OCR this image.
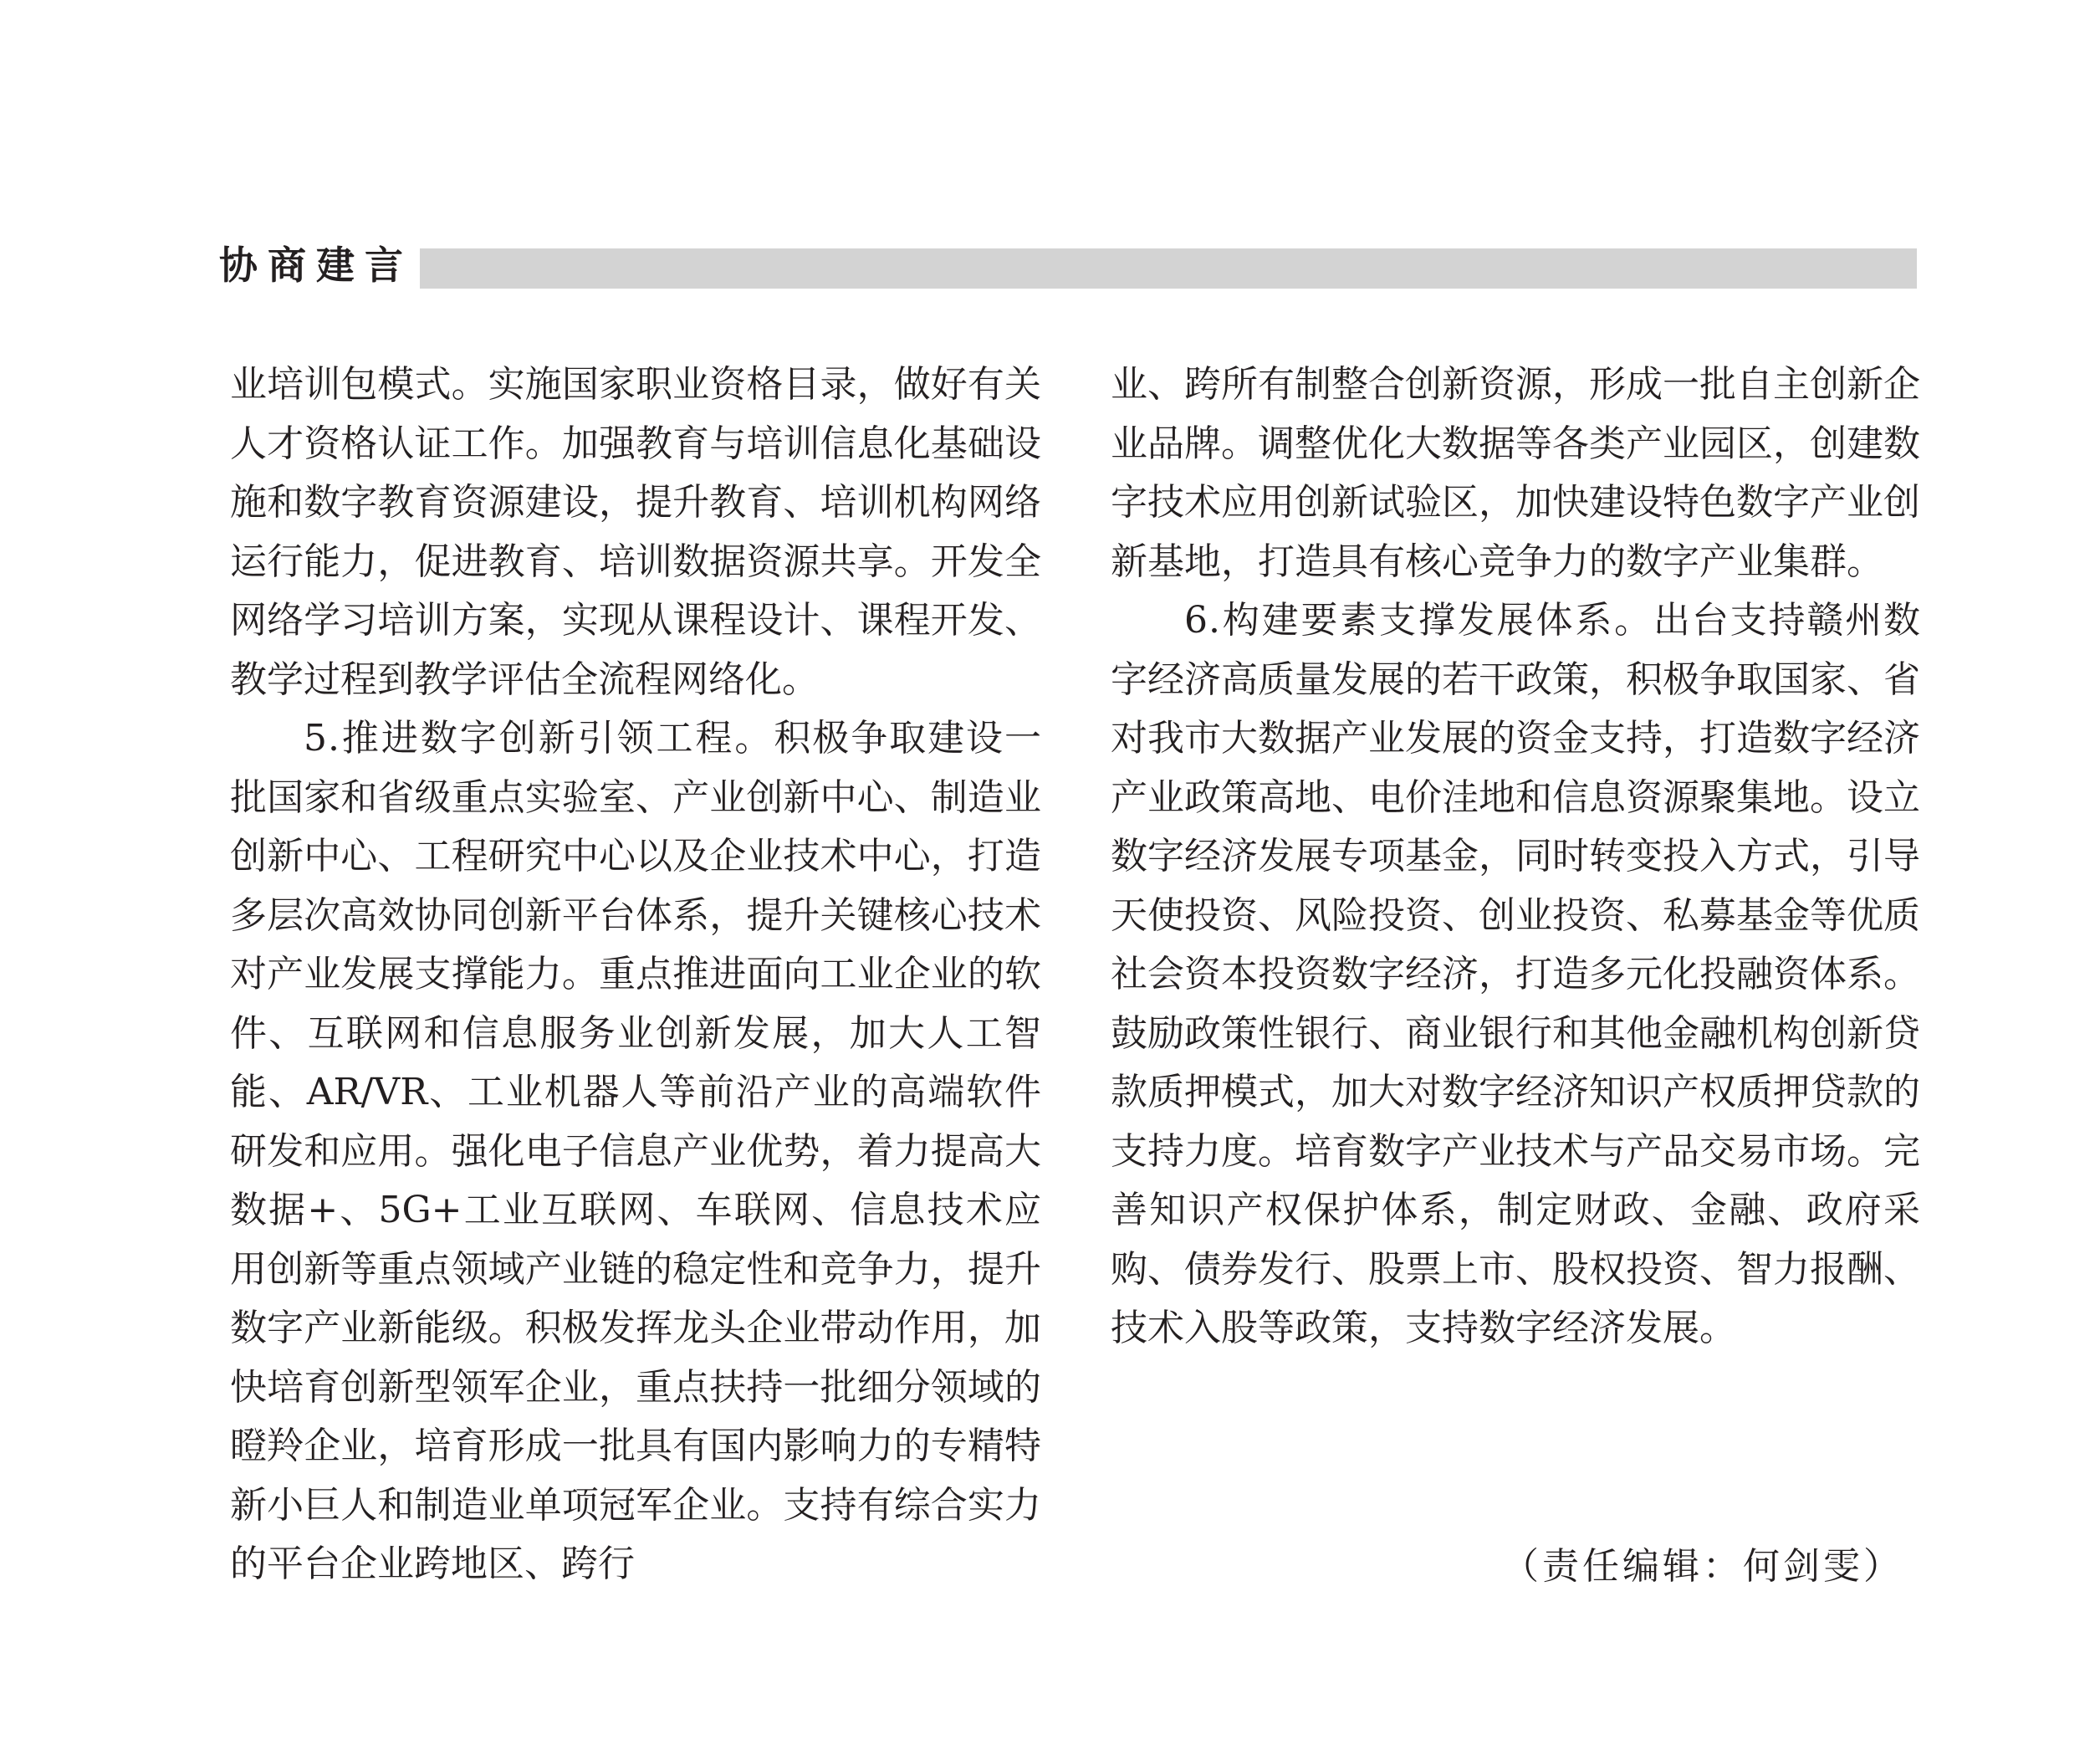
协商建言

业培训包模式。实施国家职业资格目录，做好有关人才资格认证工作。加强教育与培训信息化基础设施和数字教育资源建设，提升教育、培训机构网络运行能力，促进教育、培训数据资源共享。开发全网络学习培训方案，实现从课程设计、课程开发、教学过程到教学评估全流程网络化。

5.推进数字创新引领工程。积极争取建设一批国家和省级重点实验室、产业创新中心、制造业创新中心、工程研究中心以及企业技术中心，打造多层次高效协同创新平台体系，提升关键核心技术对产业发展支撑能力。重点推进面向工业企业的软件、互联网和信息服务业创新发展，加大人工智能、AR/VR、工业机器人等前沿产业的高端软件研发和应用。强化电子信息产业优势，着力提高大数据+、5G+工业互联网、车联网、信息技术应用创新等重点领域产业链的稳定性和竞争力，提升数字产业新能级。积极发挥龙头企业带动作用，加快培育创新型领军企业，重点扶持一批细分领域的瞪羚企业，培育形成一批具有国内影响力的专精特新小巨人和制造业单项冠军企业。支持有综合实力的平台企业跨地区、跨行

业、跨所有制整合创新资源，形成一批自主创新企业品牌。调整优化大数据等各类产业园区，创建数字技术应用创新试验区，加快建设特色数字产业创新基地，打造具有核心竞争力的数字产业集群。

6.构建要素支撑发展体系。出台支持赣州数字经济高质量发展的若干政策，积极争取国家、省对我市大数据产业发展的资金支持，打造数字经济产业政策高地、电价洼地和信息资源聚集地。设立数字经济发展专项基金，同时转变投入方式，引导天使投资、风险投资、创业投资、私募基金等优质社会资本投资数字经济，打造多元化投融资体系。鼓励政策性银行、商业银行和其他金融机构创新贷款质押模式，加大对数字经济知识产权质押贷款的支持力度。培育数字产业技术与产品交易市场。完善知识产权保护体系，制定财政、金融、政府采购、债券发行、股票上市、股权投资、智力报酬、技术入股等政策，支持数字经济发展。

（责任编辑：何剑雯）
